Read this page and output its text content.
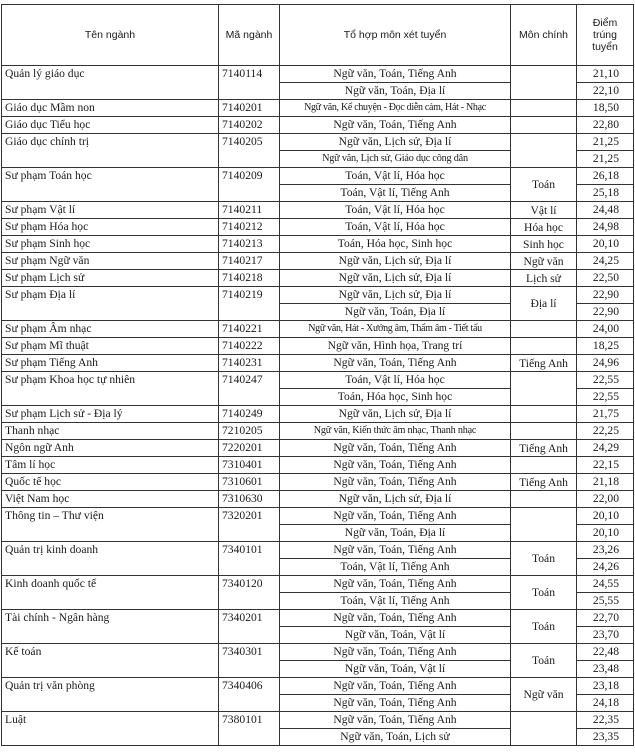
Tên ngành	Mã ngành	Tổ hợp môn xét tuyển	Môn chính	Điểm trúng tuyển
Quản lý giáo dục	7140114	Ngữ văn, Toán, Tiếng Anh		21,10
		Ngữ văn, Toán, Địa lí		22,10
Giáo dục Mầm non	7140201	Ngữ văn, Kể chuyện - Đọc diễn cảm, Hát - Nhạc		18,50
Giáo dục Tiểu học	7140202	Ngữ văn, Toán, Tiếng Anh		22,80
Giáo dục chính trị	7140205	Ngữ văn, Lịch sử, Địa lí		21,25
		Ngữ văn, Lịch sử, Giáo dục công dân		21,25
Sư phạm Toán học	7140209	Toán, Vật lí, Hóa học	Toán	26,18
		Toán, Vật lí, Tiếng Anh		25,18
Sư phạm Vật lí	7140211	Toán, Vật lí, Hóa học	Vật lí	24,48
Sư phạm Hóa học	7140212	Toán, Vật lí, Hóa học	Hóa học	24,98
Sư phạm Sinh học	7140213	Toán, Hóa học, Sinh học	Sinh học	20,10
Sư phạm Ngữ văn	7140217	Ngữ văn, Lịch sử, Địa lí	Ngữ văn	24,25
Sư phạm Lịch sử	7140218	Ngữ văn, Lịch sử, Địa lí	Lịch sử	22,50
Sư phạm Địa lí	7140219	Ngữ văn, Lịch sử, Địa lí	Địa lí	22,90
		Ngữ văn, Toán, Địa lí		22,90
Sư phạm Âm nhạc	7140221	Ngữ văn, Hát - Xướng âm, Thẩm âm - Tiết tấu		24,00
Sư phạm Mĩ thuật	7140222	Ngữ văn, Hình họa, Trang trí		18,25
Sư phạm Tiếng Anh	7140231	Ngữ văn, Toán, Tiếng Anh	Tiếng Anh	24,96
Sư phạm Khoa học tự nhiên	7140247	Toán, Vật lí, Hóa học		22,55
		Toán, Hóa học, Sinh học		22,55
Sư phạm Lịch sử - Địa lý	7140249	Ngữ văn, Lịch sử, Địa lí		21,75
Thanh nhạc	7210205	Ngữ văn, Kiến thức âm nhạc, Thanh nhạc		22,25
Ngôn ngữ Anh	7220201	Ngữ văn, Toán, Tiếng Anh	Tiếng Anh	24,29
Tâm lí học	7310401	Ngữ văn, Toán, Tiếng Anh		22,15
Quốc tế học	7310601	Ngữ văn, Toán, Tiếng Anh	Tiếng Anh	21,18
Việt Nam học	7310630	Ngữ văn, Lịch sử, Địa lí		22,00
Thông tin – Thư viện	7320201	Ngữ văn, Toán, Tiếng Anh		20,10
		Ngữ văn, Toán, Địa lí		20,10
Quản trị kinh doanh	7340101	Ngữ văn, Toán, Tiếng Anh	Toán	23,26
		Toán, Vật lí, Tiếng Anh		24,26
Kinh doanh quốc tế	7340120	Ngữ văn, Toán, Tiếng Anh	Toán	24,55
		Toán, Vật lí, Tiếng Anh		25,55
Tài chính - Ngân hàng	7340201	Ngữ văn, Toán, Tiếng Anh	Toán	22,70
		Ngữ văn, Toán, Vật lí		23,70
Kế toán	7340301	Ngữ văn, Toán, Tiếng Anh	Toán	22,48
		Ngữ văn, Toán, Vật lí		23,48
Quản trị văn phòng	7340406	Ngữ văn, Toán, Tiếng Anh	Ngữ văn	23,18
		Ngữ văn, Toán, Tiếng Anh		24,18
Luật	7380101	Ngữ văn, Toán, Tiếng Anh		22,35
		Ngữ văn, Toán, Lịch sử		23,35
